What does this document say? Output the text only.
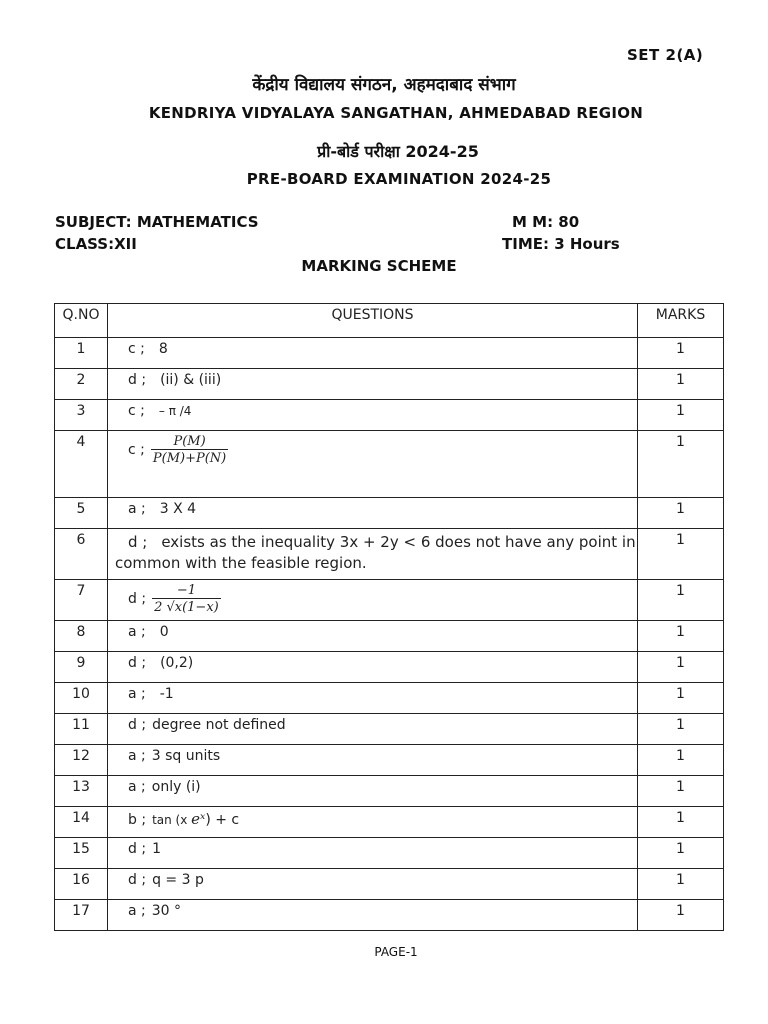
SET 2(A)
केंद्रीय विद्यालय संगठन, अहमदाबाद संभाग
KENDRIYA VIDYALAYA SANGATHAN, AHMEDABAD REGION
प्री-बोर्ड परीक्षा 2024-25
PRE-BOARD EXAMINATION 2024-25
SUBJECT: MATHEMATICS	M M: 80
CLASS:XII	TIME: 3 Hours
MARKING SCHEME
Q.NO	QUESTIONS	MARKS
1	c ; 8	1
2	d ; (ii) & (iii)	1
3	c ; – π /4	1
4	c ; $\frac{P(M)}{P(M)+P(N)}$	1
5	a ; 3 X 4	1
6	d ; exists as the inequality 3x + 2y < 6 does not have any point in common with the feasible region.	1
7	d ; $\frac{-1}{2 √x(1-x)}$	1
8	a ; 0	1
9	d ; (0,2)	1
10	a ; -1	1
11	d ; degree not defined	1
12	a ; 3 sq units	1
13	a ; only (i)	1
14	b ; tan (x eˣ) + c	1
15	d ; 1	1
16	d ; q = 3 p	1
17	a ; 30 °	1
PAGE-1
